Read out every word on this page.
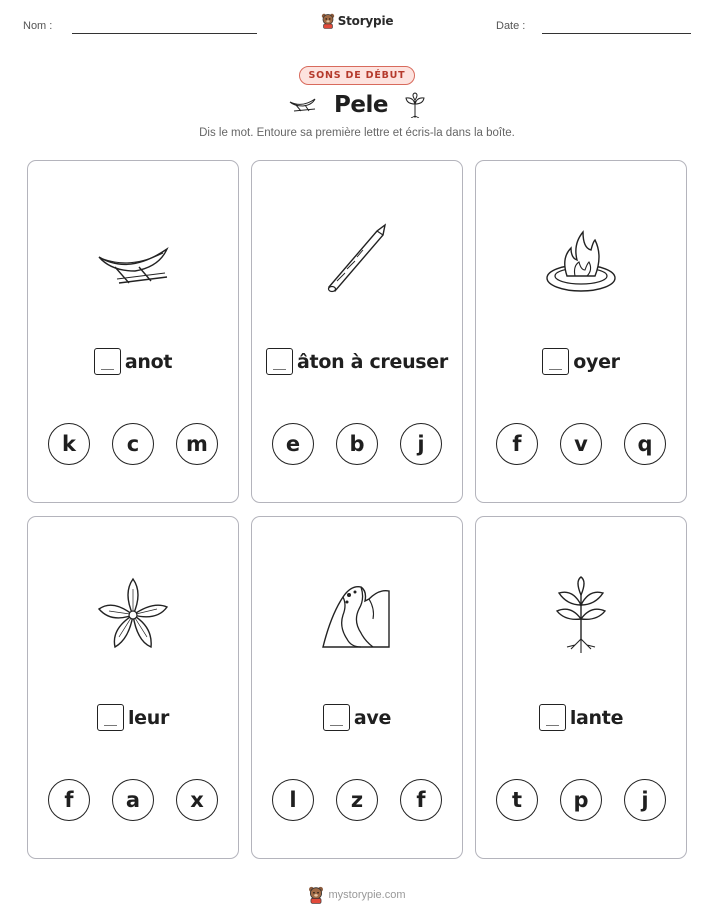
Nom :	Storypie	Date :
SONS DE DÉBUT
Pele
Dis le mot. Entoure sa première lettre et écris-la dans la boîte.
anot
k	c	m
âton à creuser
e	b	j
oyer
f	v	q
leur
f	a	x
ave
l	z	f
lante
t	p	j
mystorypie.com
